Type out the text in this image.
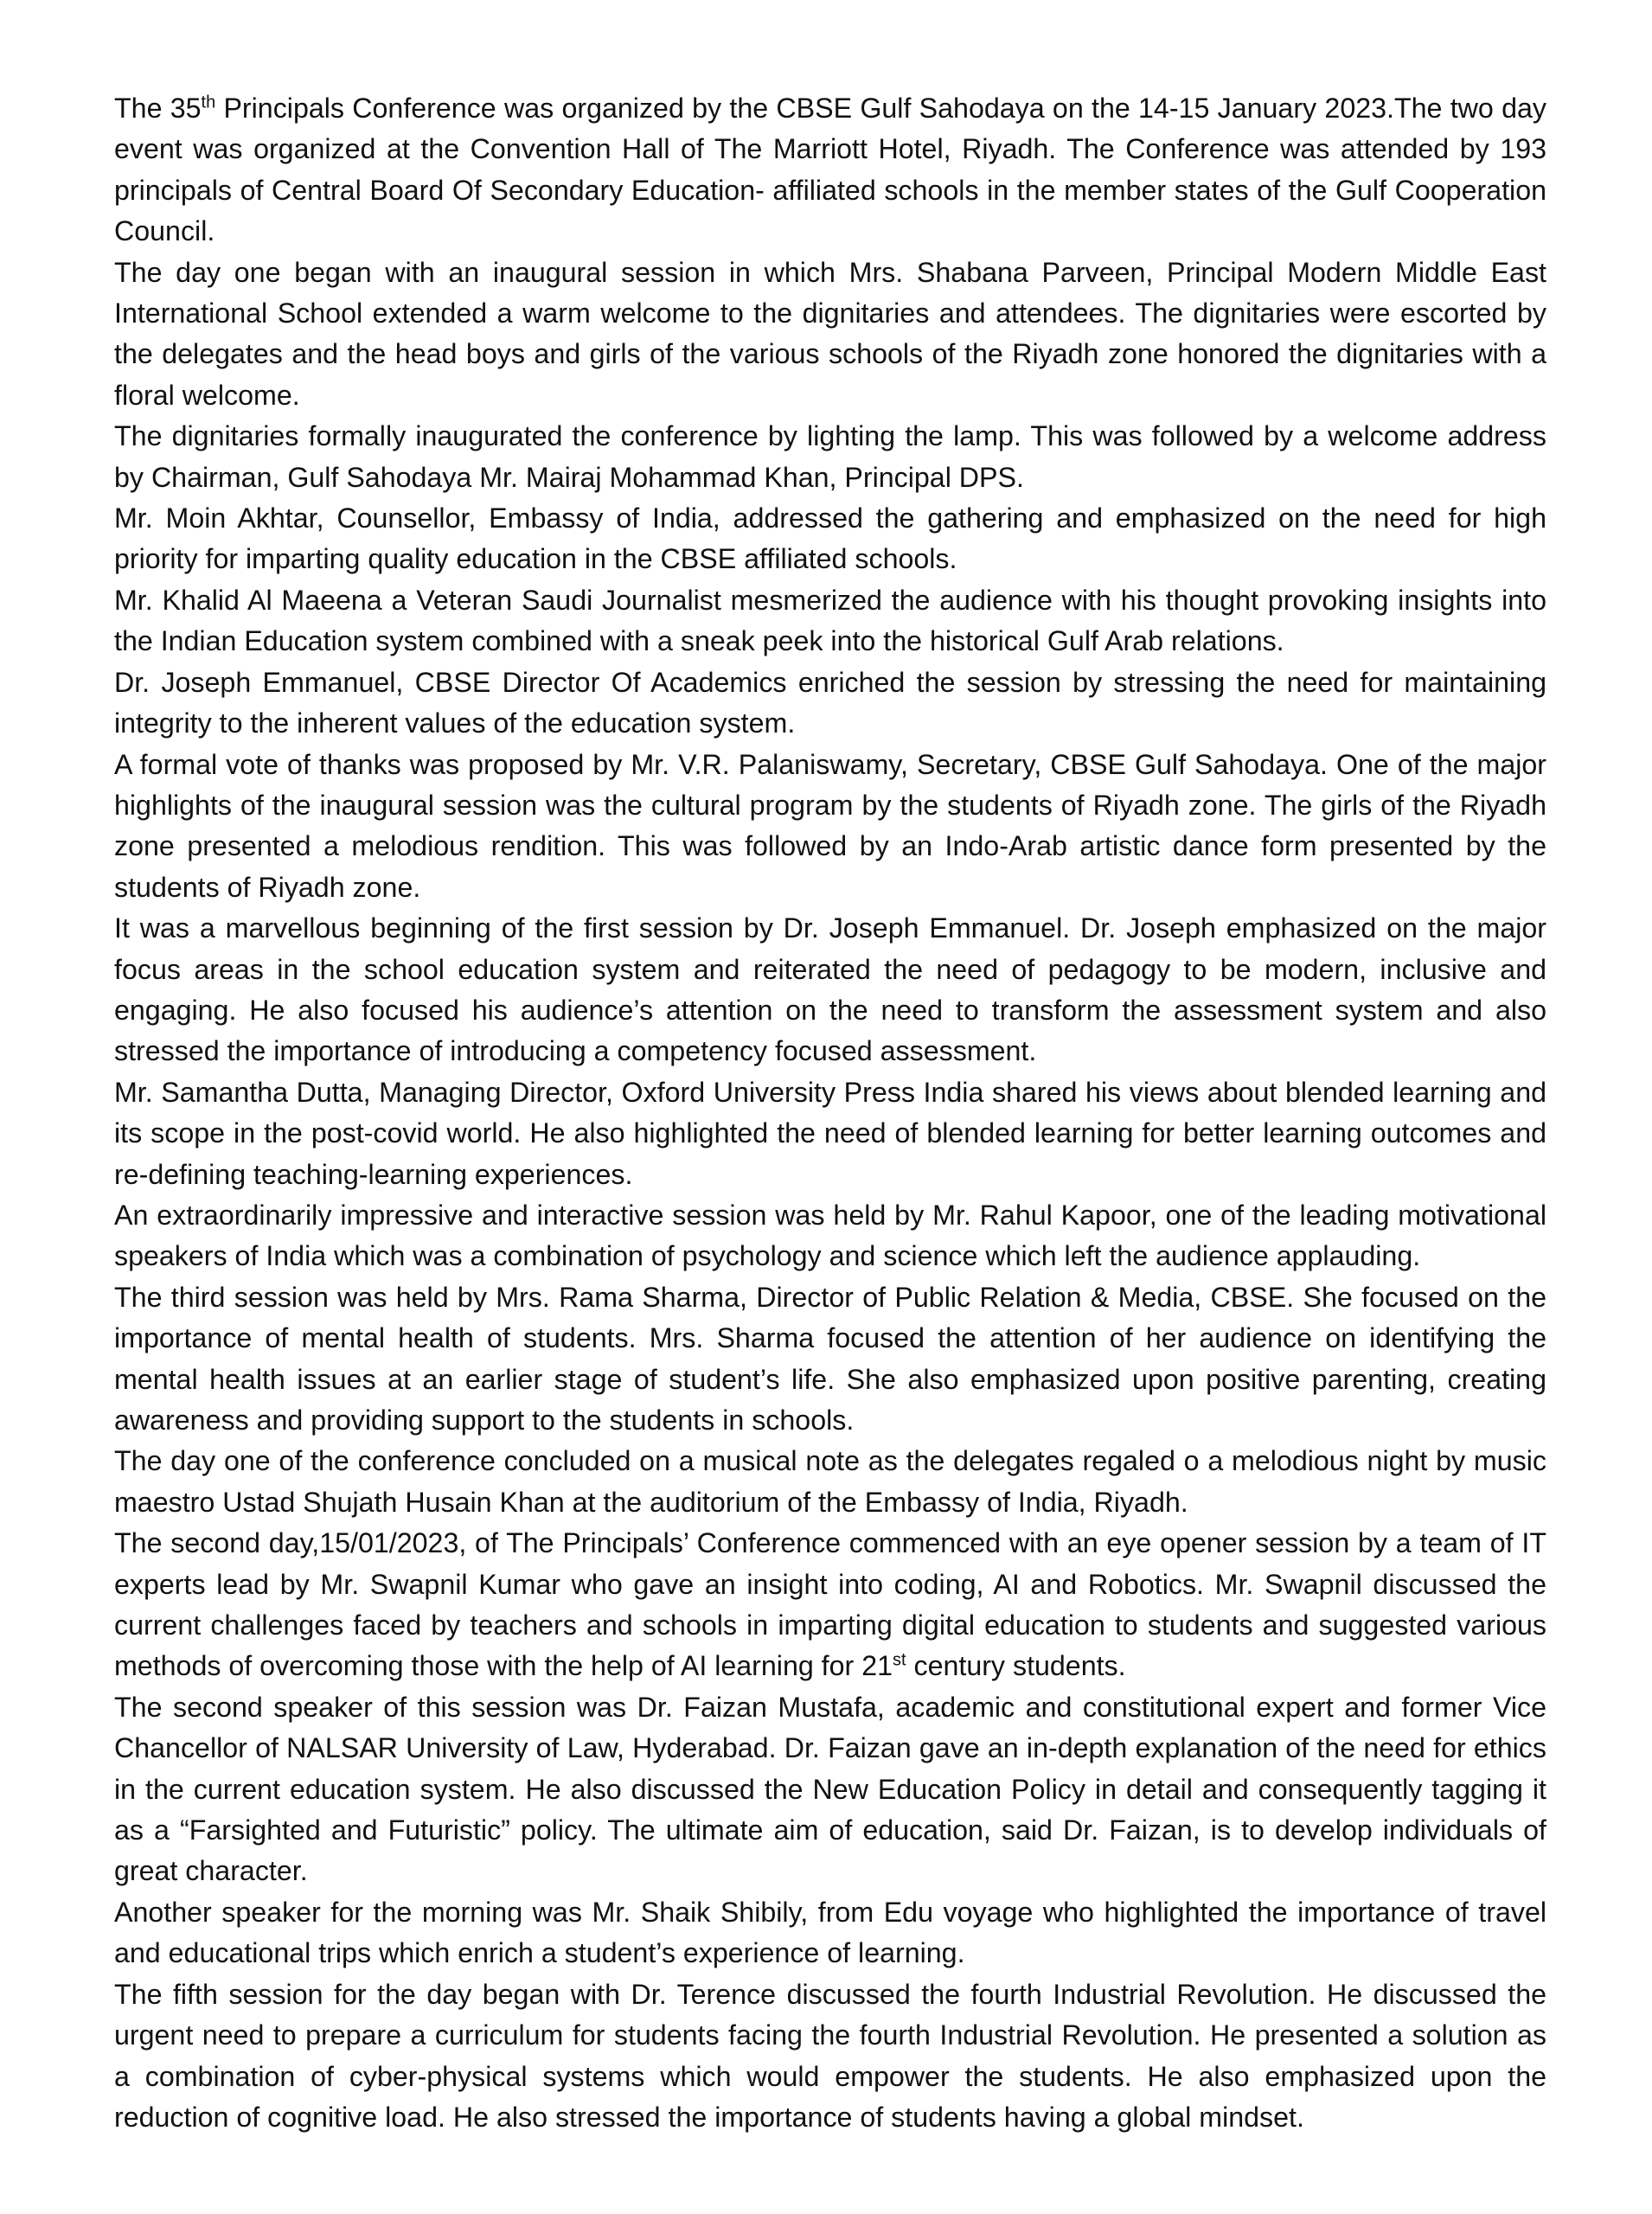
The 35th Principals Conference was organized by the CBSE Gulf Sahodaya on the 14-15 January 2023.The two day event was organized at the Convention Hall of The Marriott Hotel, Riyadh. The Conference was attended by 193 principals of Central Board Of Secondary Education- affiliated schools in the member states of the Gulf Cooperation Council.

The day one began with an inaugural session in which Mrs. Shabana Parveen, Principal Modern Middle East International School extended a warm welcome to the dignitaries and attendees. The dignitaries were escorted by the delegates and the head boys and girls of the various schools of the Riyadh zone honored the dignitaries with a floral welcome.

The dignitaries formally inaugurated the conference by lighting the lamp. This was followed by a welcome address by Chairman, Gulf Sahodaya Mr. Mairaj Mohammad Khan, Principal DPS.

Mr. Moin Akhtar, Counsellor, Embassy of India, addressed the gathering and emphasized on the need for high priority for imparting quality education in the CBSE affiliated schools.

Mr. Khalid Al Maeena a Veteran Saudi Journalist mesmerized the audience with his thought provoking insights into the Indian Education system combined with a sneak peek into the historical Gulf Arab relations.

Dr. Joseph Emmanuel, CBSE Director Of Academics enriched the session by stressing the need for maintaining integrity to the inherent values of the education system.

A formal vote of thanks was proposed by Mr. V.R. Palaniswamy, Secretary, CBSE Gulf Sahodaya. One of the major highlights of the inaugural session was the cultural program by the students of Riyadh zone. The girls of the Riyadh zone presented a melodious rendition. This was followed by an Indo-Arab artistic dance form presented by the students of Riyadh zone.

It was a marvellous beginning of the first session by Dr. Joseph Emmanuel. Dr. Joseph emphasized on the major focus areas in the school education system and reiterated the need of pedagogy to be modern, inclusive and engaging. He also focused his audience’s attention on the need to transform the assessment system and also stressed the importance of introducing a competency focused assessment.

Mr. Samantha Dutta, Managing Director, Oxford University Press India shared his views about blended learning and its scope in the post-covid world. He also highlighted the need of blended learning for better learning outcomes and re-defining teaching-learning experiences.

An extraordinarily impressive and interactive session was held by Mr. Rahul Kapoor, one of the leading motivational speakers of India which was a combination of psychology and science which left the audience applauding.

The third session was held by Mrs. Rama Sharma, Director of Public Relation & Media, CBSE. She focused on the importance of mental health of students. Mrs. Sharma focused the attention of her audience on identifying the mental health issues at an earlier stage of student’s life. She also emphasized upon positive parenting, creating awareness and providing support to the students in schools.

The day one of the conference concluded on a musical note as the delegates regaled o a melodious night by music maestro Ustad Shujath Husain Khan at the auditorium of the Embassy of India, Riyadh.

The second day,15/01/2023, of The Principals’ Conference commenced with an eye opener session by a team of IT experts lead by Mr. Swapnil Kumar who gave an insight into coding, AI and Robotics. Mr. Swapnil discussed the current challenges faced by teachers and schools in imparting digital education to students and suggested various methods of overcoming those with the help of AI learning for 21st century students.

The second speaker of this session was Dr. Faizan Mustafa, academic and constitutional expert and former Vice Chancellor of NALSAR University of Law, Hyderabad. Dr. Faizan gave an in-depth explanation of the need for ethics in the current education system. He also discussed the New Education Policy in detail and consequently tagging it as a “Farsighted and Futuristic” policy. The ultimate aim of education, said Dr. Faizan, is to develop individuals of great character.

Another speaker for the morning was Mr. Shaik Shibily, from Edu voyage who highlighted the importance of travel and educational trips which enrich a student’s experience of learning.

The fifth session for the day began with Dr. Terence discussed the fourth Industrial Revolution. He discussed the urgent need to prepare a curriculum for students facing the fourth Industrial Revolution. He presented a solution as a combination of cyber-physical systems which would empower the students. He also emphasized upon the reduction of cognitive load. He also stressed the importance of students having a global mindset.
